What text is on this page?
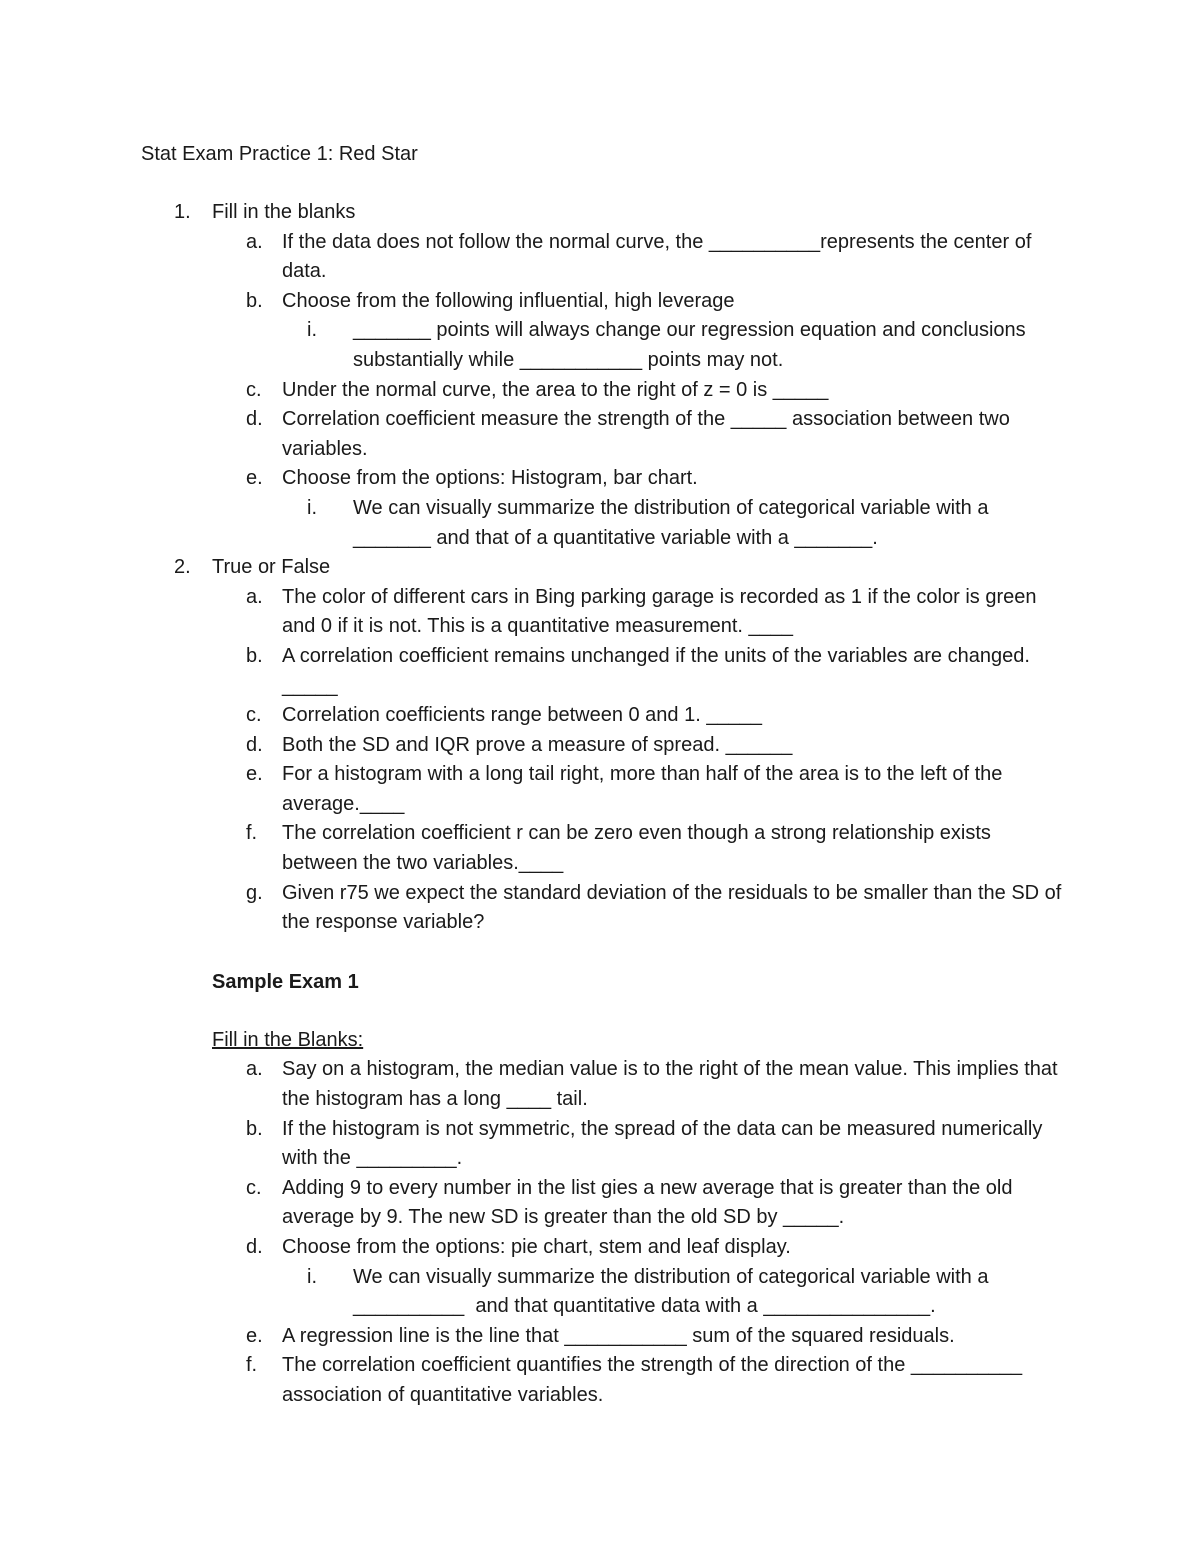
Stat Exam Practice 1: Red Star
1. Fill in the blanks
a. If the data does not follow the normal curve, the __________represents the center of data.
b. Choose from the following influential, high leverage
i. _______ points will always change our regression equation and conclusions substantially while ___________ points may not.
c. Under the normal curve, the area to the right of z = 0 is _____
d. Correlation coefficient measure the strength of the _____ association between two variables.
e. Choose from the options: Histogram, bar chart.
i. We can visually summarize the distribution of categorical variable with a _______ and that of a quantitative variable with a _______.
2. True or False
a. The color of different cars in Bing parking garage is recorded as 1 if the color is green and 0 if it is not. This is a quantitative measurement. ____
b. A correlation coefficient remains unchanged if the units of the variables are changed. _____
c. Correlation coefficients range between 0 and 1. _____
d. Both the SD and IQR prove a measure of spread. ______
e. For a histogram with a long tail right, more than half of the area is to the left of the average.____
f. The correlation coefficient r can be zero even though a strong relationship exists between the two variables.____
g. Given r75 we expect the standard deviation of the residuals to be smaller than the SD of the response variable?
Sample Exam 1
Fill in the Blanks:
a. Say on a histogram, the median value is to the right of the mean value. This implies that the histogram has a long ____ tail.
b. If the histogram is not symmetric, the spread of the data can be measured numerically with the _________.
c. Adding 9 to every number in the list gies a new average that is greater than the old average by 9. The new SD is greater than the old SD by _____.
d. Choose from the options: pie chart, stem and leaf display.
i. We can visually summarize the distribution of categorical variable with a __________  and that quantitative data with a _______________.
e. A regression line is the line that ___________ sum of the squared residuals.
f. The correlation coefficient quantifies the strength of the direction of the __________ association of quantitative variables.
